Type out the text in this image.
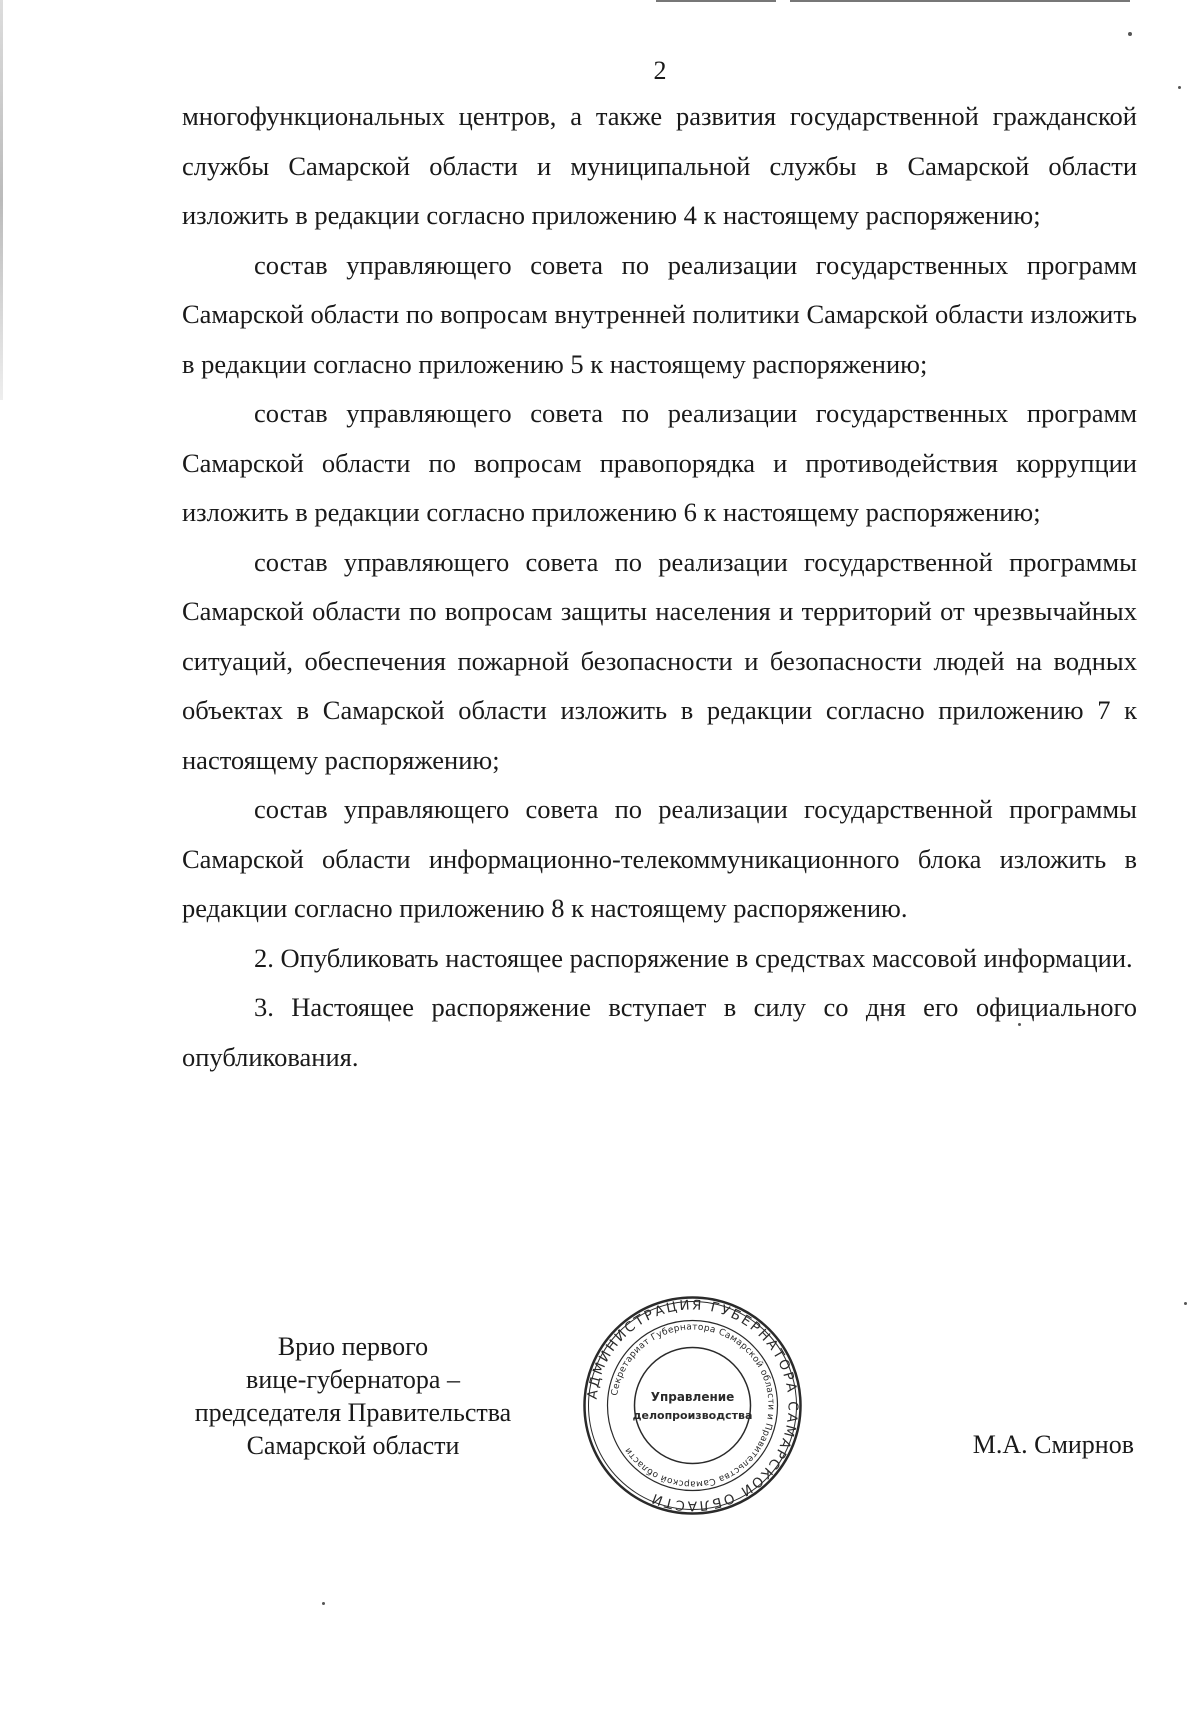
2

многофункциональных центров, а также развития государственной гражданской службы Самарской области и муниципальной службы в Самарской области изложить в редакции согласно приложению 4 к настоящему распоряжению;

состав управляющего совета по реализации государственных программ Самарской области по вопросам внутренней политики Самарской области изложить в редакции согласно приложению 5 к настоящему распоряжению;

состав управляющего совета по реализации государственных программ Самарской области по вопросам правопорядка и противодействия коррупции изложить в редакции согласно приложению 6 к настоящему распоряжению;

состав управляющего совета по реализации государственной программы Самарской области по вопросам защиты населения и территорий от чрезвычайных ситуаций, обеспечения пожарной безопасности и безопасности людей на водных объектах в Самарской области изложить в редакции согласно приложению 7 к настоящему распоряжению;

состав управляющего совета по реализации государственной программы Самарской области информационно-телекоммуникационного блока изложить в редакции согласно приложению 8 к настоящему распоряжению.

2. Опубликовать настоящее распоряжение в средствах массовой информации.

3. Настоящее распоряжение вступает в силу со дня его официального опубликования.

Врио первого
вице-губернатора –
председателя Правительства
Самарской области
АДМИНИСТРАЦИЯ ГУБЕРНАТОРА САМАРСКОЙ ОБЛАСТИ
Секретариат Губернатора Самарской области и Правительства Самарской области
Управление
делопроизводства
М.А. Смирнов
